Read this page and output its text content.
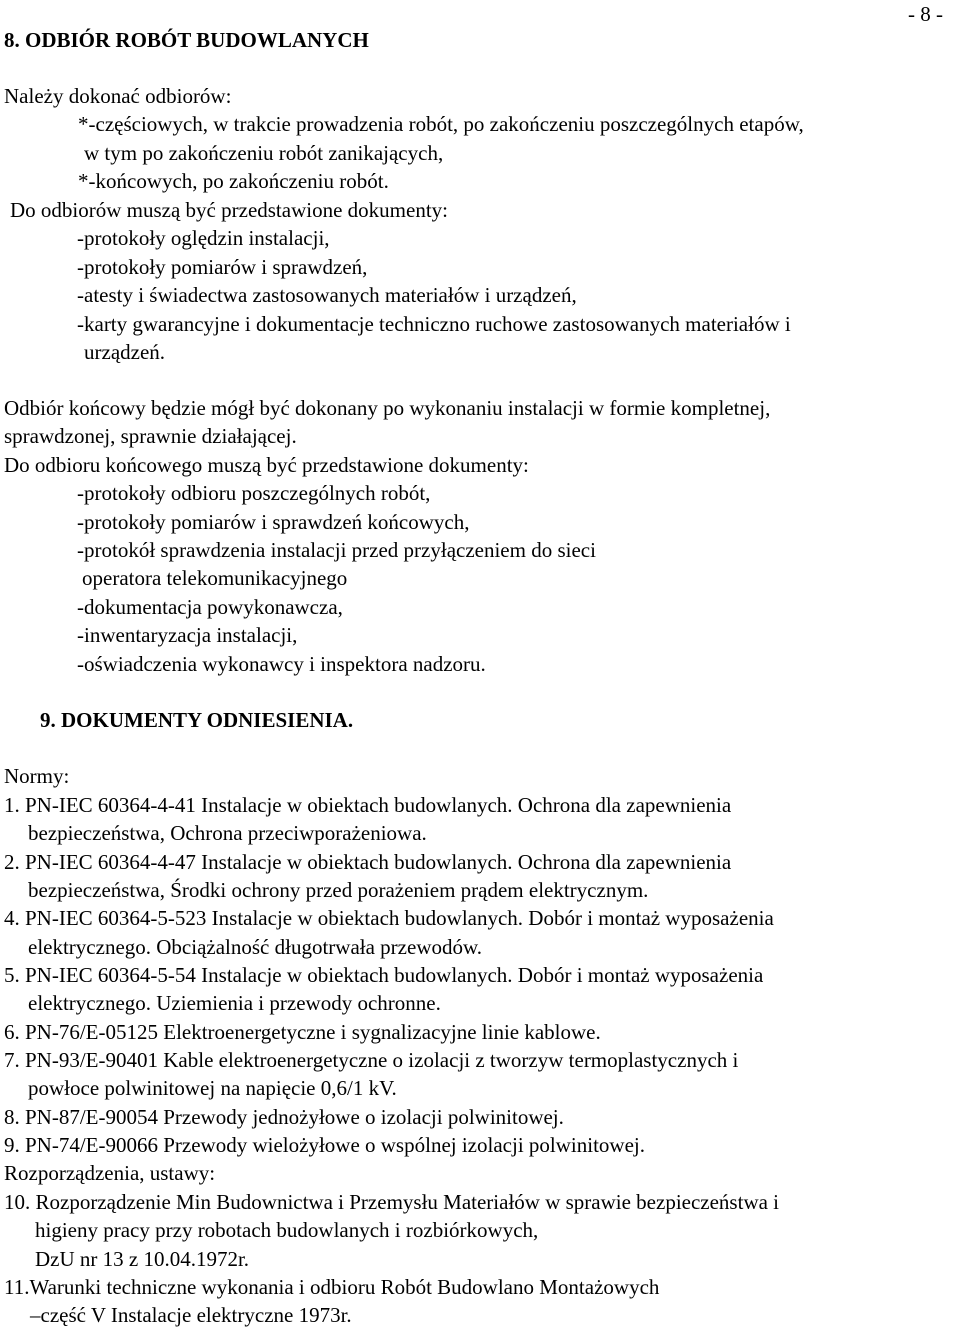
- 8 -
8. ODBIÓR ROBÓT BUDOWLANYCH
Należy dokonać odbiorów:
*-częściowych, w trakcie prowadzenia robót, po zakończeniu poszczególnych etapów,
w tym po zakończeniu robót zanikających,
*-końcowych, po zakończeniu robót.
Do odbiorów muszą być przedstawione dokumenty:
-protokoły oględzin instalacji,
-protokoły pomiarów i sprawdzeń,
-atesty i świadectwa zastosowanych materiałów i urządzeń,
-karty gwarancyjne i dokumentacje techniczno ruchowe zastosowanych materiałów i
urządzeń.
Odbiór końcowy będzie mógł być dokonany po wykonaniu instalacji w formie kompletnej,
sprawdzonej, sprawnie działającej.
Do odbioru końcowego muszą być przedstawione dokumenty:
-protokoły odbioru poszczególnych robót,
-protokoły pomiarów i sprawdzeń końcowych,
-protokół sprawdzenia instalacji przed przyłączeniem do sieci
operatora telekomunikacyjnego
-dokumentacja powykonawcza,
-inwentaryzacja instalacji,
-oświadczenia wykonawcy i inspektora nadzoru.
9. DOKUMENTY ODNIESIENIA.
Normy:
1. PN-IEC 60364-4-41 Instalacje w obiektach budowlanych. Ochrona dla zapewnienia
bezpieczeństwa, Ochrona przeciwporażeniowa.
2. PN-IEC 60364-4-47 Instalacje w obiektach budowlanych. Ochrona dla zapewnienia
bezpieczeństwa, Środki ochrony przed porażeniem prądem elektrycznym.
4. PN-IEC 60364-5-523 Instalacje w obiektach budowlanych. Dobór i montaż wyposażenia
elektrycznego. Obciążalność długotrwała przewodów.
5. PN-IEC 60364-5-54 Instalacje w obiektach budowlanych. Dobór i montaż wyposażenia
elektrycznego. Uziemienia i przewody ochronne.
6. PN-76/E-05125 Elektroenergetyczne i sygnalizacyjne linie kablowe.
7. PN-93/E-90401 Kable elektroenergetyczne o izolacji z tworzyw termoplastycznych i
powłoce polwinitowej na napięcie 0,6/1 kV.
8. PN-87/E-90054 Przewody jednożyłowe o izolacji polwinitowej.
9. PN-74/E-90066 Przewody wielożyłowe o wspólnej izolacji polwinitowej.
Rozporządzenia, ustawy:
10. Rozporządzenie Min Budownictwa i Przemysłu Materiałów w sprawie bezpieczeństwa i
higieny pracy przy robotach budowlanych i rozbiórkowych,
DzU nr 13 z 10.04.1972r.
11.Warunki techniczne wykonania i odbioru Robót Budowlano Montażowych
–część V Instalacje elektryczne 1973r.
